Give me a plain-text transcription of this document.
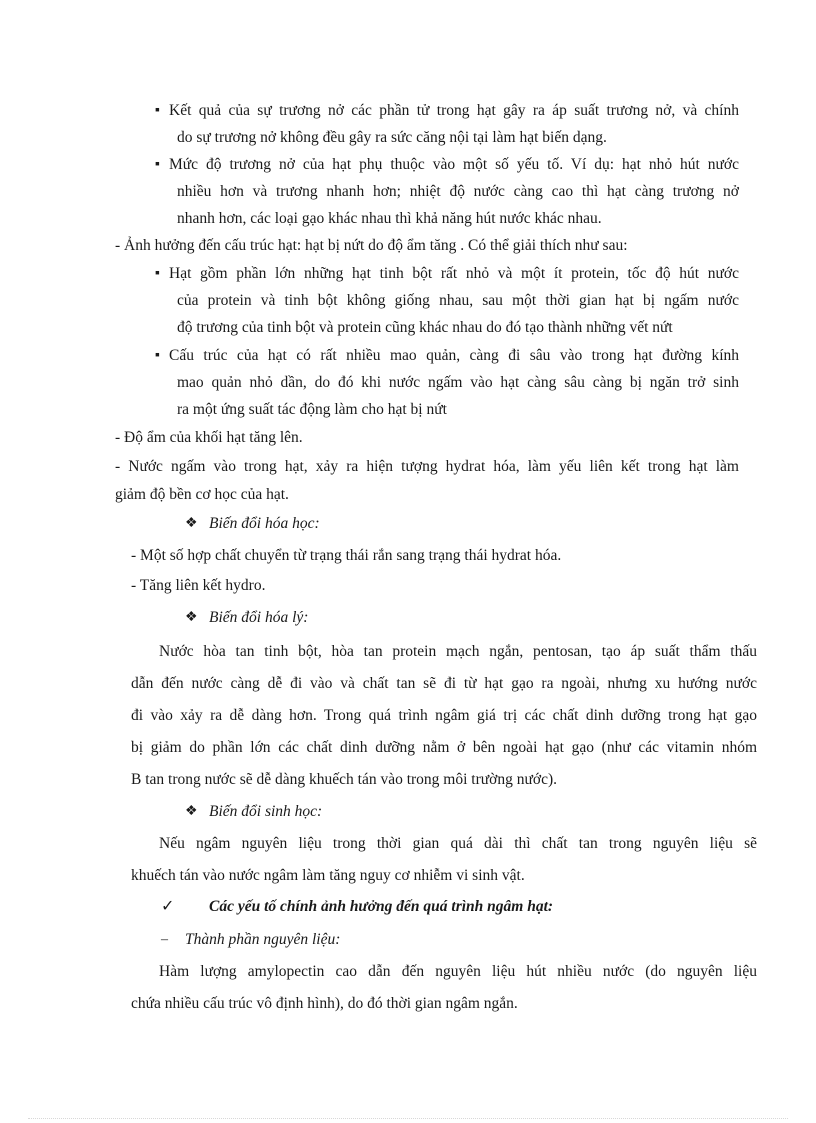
▪ Kết quả của sự trương nở các phần tử trong hạt gây ra áp suất trương nở, và chính

do sự trương nở không đều gây ra sức căng nội tại làm hạt biến dạng.

▪ Mức độ trương nở của hạt phụ thuộc vào một số yếu tố. Ví dụ: hạt nhỏ hút nước

nhiều hơn và trương nhanh hơn; nhiệt độ nước càng cao thì hạt càng trương nở

nhanh hơn, các loại gạo khác nhau thì khả năng hút nước khác nhau.

- Ảnh hưởng đến cấu trúc hạt: hạt bị nứt do độ ẩm tăng . Có thể giải thích như sau:

▪ Hạt gồm phần lớn những hạt tinh bột rất nhỏ và một ít protein, tốc độ hút nước

của protein và tinh bột không giống nhau, sau một thời gian hạt bị ngấm nước

độ trương của tinh bột và protein cũng khác nhau do đó tạo thành những vết nứt

▪ Cấu trúc của hạt có rất nhiều mao quản, càng đi sâu vào trong hạt đường kính

mao quản nhỏ dần, do đó khi nước ngấm vào hạt càng sâu càng bị ngăn trở sinh

ra một ứng suất tác động làm cho hạt bị nứt

- Độ ẩm của khối hạt tăng lên.

- Nước ngấm vào trong hạt, xảy ra hiện tượng hydrat hóa, làm yếu liên kết trong hạt làm

giảm độ bền cơ học của hạt.

❖ Biến đổi hóa học:

- Một số hợp chất chuyển từ trạng thái rắn sang trạng thái hydrat hóa.

- Tăng liên kết hydro.

❖ Biến đổi hóa lý:

Nước hòa tan tinh bột, hòa tan protein mạch ngắn, pentosan, tạo áp suất thẩm thấu

dẫn đến nước càng dễ đi vào và chất tan sẽ đi từ hạt gạo ra ngoài, nhưng xu hướng nước

đi vào xảy ra dễ dàng hơn. Trong quá trình ngâm giá trị các chất dinh dưỡng trong hạt gạo

bị giảm do phần lớn các chất dinh dưỡng nằm ở bên ngoài hạt gạo (như các vitamin nhóm

B tan trong nước sẽ dễ dàng khuếch tán vào trong môi trường nước).

❖ Biến đổi sinh học:

Nếu ngâm nguyên liệu trong thời gian quá dài thì chất tan trong nguyên liệu sẽ

khuếch tán vào nước ngâm làm tăng nguy cơ nhiễm vi sinh vật.

✓ Các yếu tố chính ảnh hưởng đến quá trình ngâm hạt:

– Thành phần nguyên liệu:

Hàm lượng amylopectin cao dẫn đến nguyên liệu hút nhiều nước (do nguyên liệu

chứa nhiều cấu trúc vô định hình), do đó thời gian ngâm ngắn.
